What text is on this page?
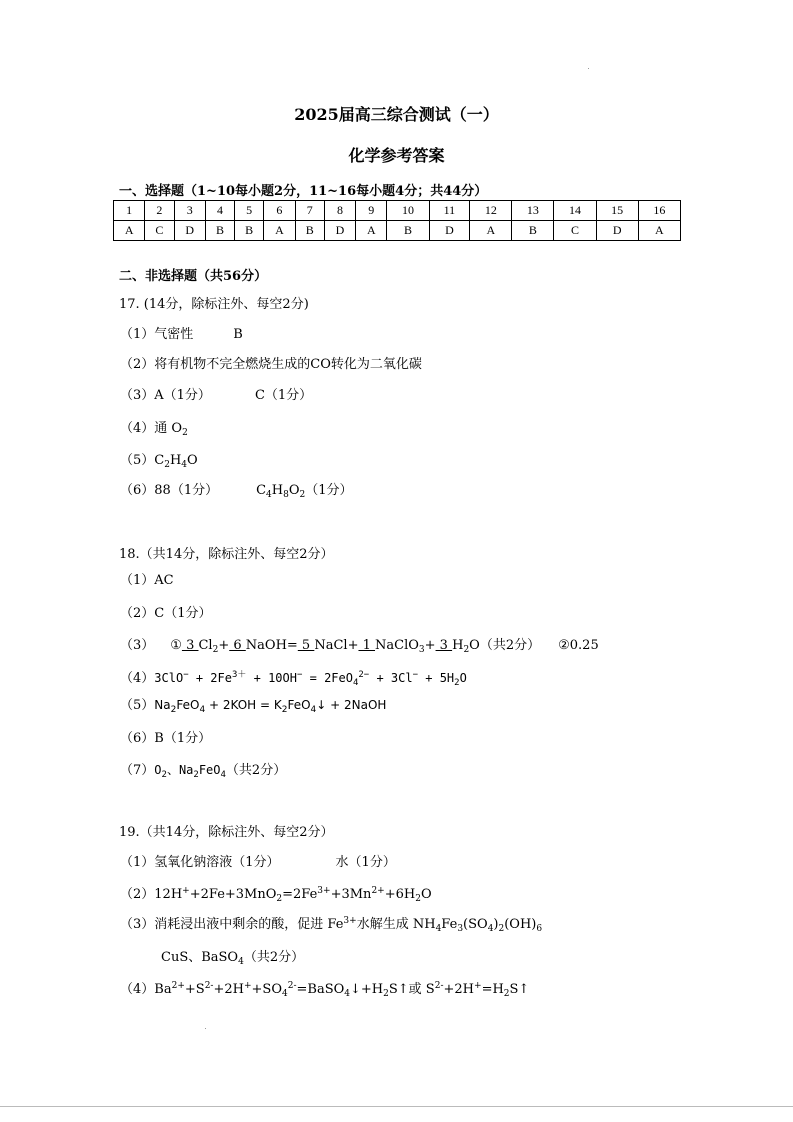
2025届高三综合测试（一）
化学参考答案
一、选择题（1~10每小题2分，11~16每小题4分；共44分）
1	2	3	4	5	6	7	8	9	10	11	12	13	14	15	16
A	C	D	B	B	A	B	D	A	B	D	A	B	C	D	A
二、非选择题（共56分）
17. (14分，除标注外、每空2分)
（1）气密性	B
（2）将有机物不完全燃烧生成的CO转化为二氧化碳
（3）A（1分）	C（1分）
（4）通 $O_2$
$(5)C_2H_4O$
（6）88（1分）	$C_4H_8O_2(1$分）
18.（共14分，除标注外、每空2分）
（1）AC
（2）C（1分）
（3） ① 3 $Cl_2+ 6$ NaOH= 5 NaCl+ 1 NaClO$_3$+ 3 $H_2O$（共2分） ②0.25
$(4)3ClO^- + 2Fe^{3+} + 10OH^- = 2FeO_4^{2-} + 3Cl^- + 5H_2O$
$(5)Na_2FeO_4 + 2KOH$ = $K_2FeO_4↓$ + 2NaOH
（6）B（1分）
$(7)O_2$、$Na_2FeO_4$（共2分）
19.（共14分，除标注外、每空2分）
（1）氢氧化钠溶液（1分）	水（1分）
$(2)12H^++2Fe+3MnO_2=2Fe^{3+}+3Mn^{2+}+6H_2O$
（3）消耗浸出液中剩余的酸，促进 $Fe^{3+}$水解生成 $NH_4Fe_3(SO_4)_2(OH)_6$
CuS、BaSO$_4$（共2分）
$(4)Ba^{2+}+S^{2-}+2H^++SO_4^{2-}=BaSO_4↓+H_2S↑$或 $S^{2-}+2H^+=H_2S↑$
